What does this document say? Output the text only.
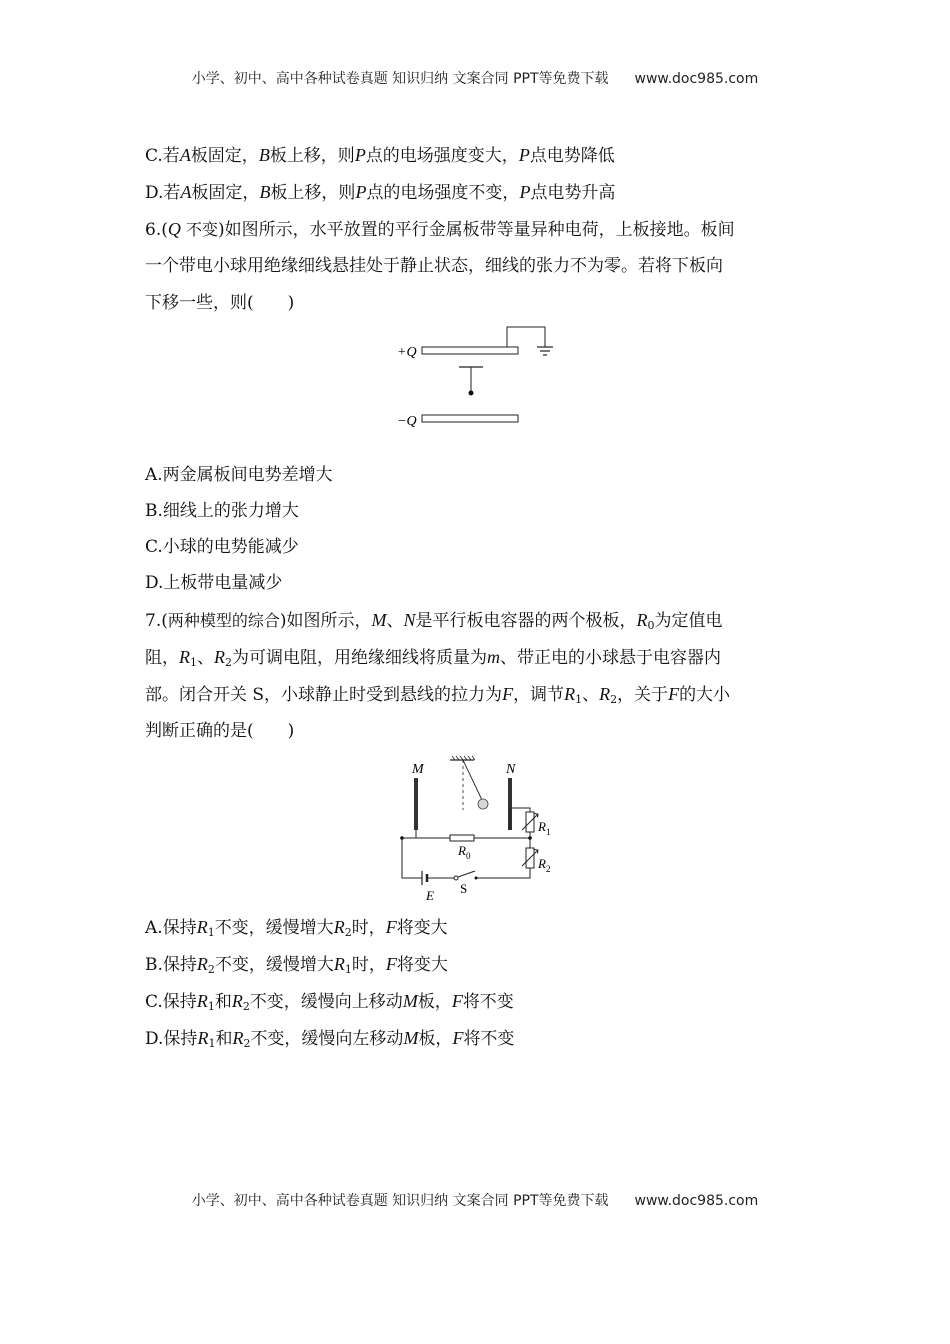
小学、初中、高中各种试卷真题 知识归纳 文案合同 PPT等免费下载 www.doc985.com
C.若A板固定，B板上移，则P点的电场强度变大，P点电势降低
D.若A板固定，B板上移，则P点的电场强度不变，P点电势升高
6.(Q 不变)如图所示，水平放置的平行金属板带等量异种电荷，上板接地。板间
一个带电小球用绝缘细线悬挂处于静止状态，细线的张力不为零。若将下板向
下移一些，则(　　)
+Q
−Q
A.两金属板间电势差增大
B.细线上的张力增大
C.小球的电势能减少
D.上板带电量减少
7.(两种模型的综合)如图所示，M、N是平行板电容器的两个极板，$R_0$为定值电
阻，$R_1$、$R_2$为可调电阻，用绝缘细线将质量为m、带正电的小球悬于电容器内
部。闭合开关 S，小球静止时受到悬线的拉力为F，调节$R_1$、$R_2$，关于F的大小
判断正确的是(　　)
M	N
$R_1$
$R_0$	$R_2$
S
E
A.保持$R_1$不变，缓慢增大$R_2$时，F将变大
B.保持$R_2$不变，缓慢增大$R_1$时，F将变大
C.保持$R_1$和$R_2$不变，缓慢向上移动M板，F将不变
D.保持$R_1$和$R_2$不变，缓慢向左移动M板，F将不变
小学、初中、高中各种试卷真题 知识归纳 文案合同 PPT等免费下载 www.doc985.com
